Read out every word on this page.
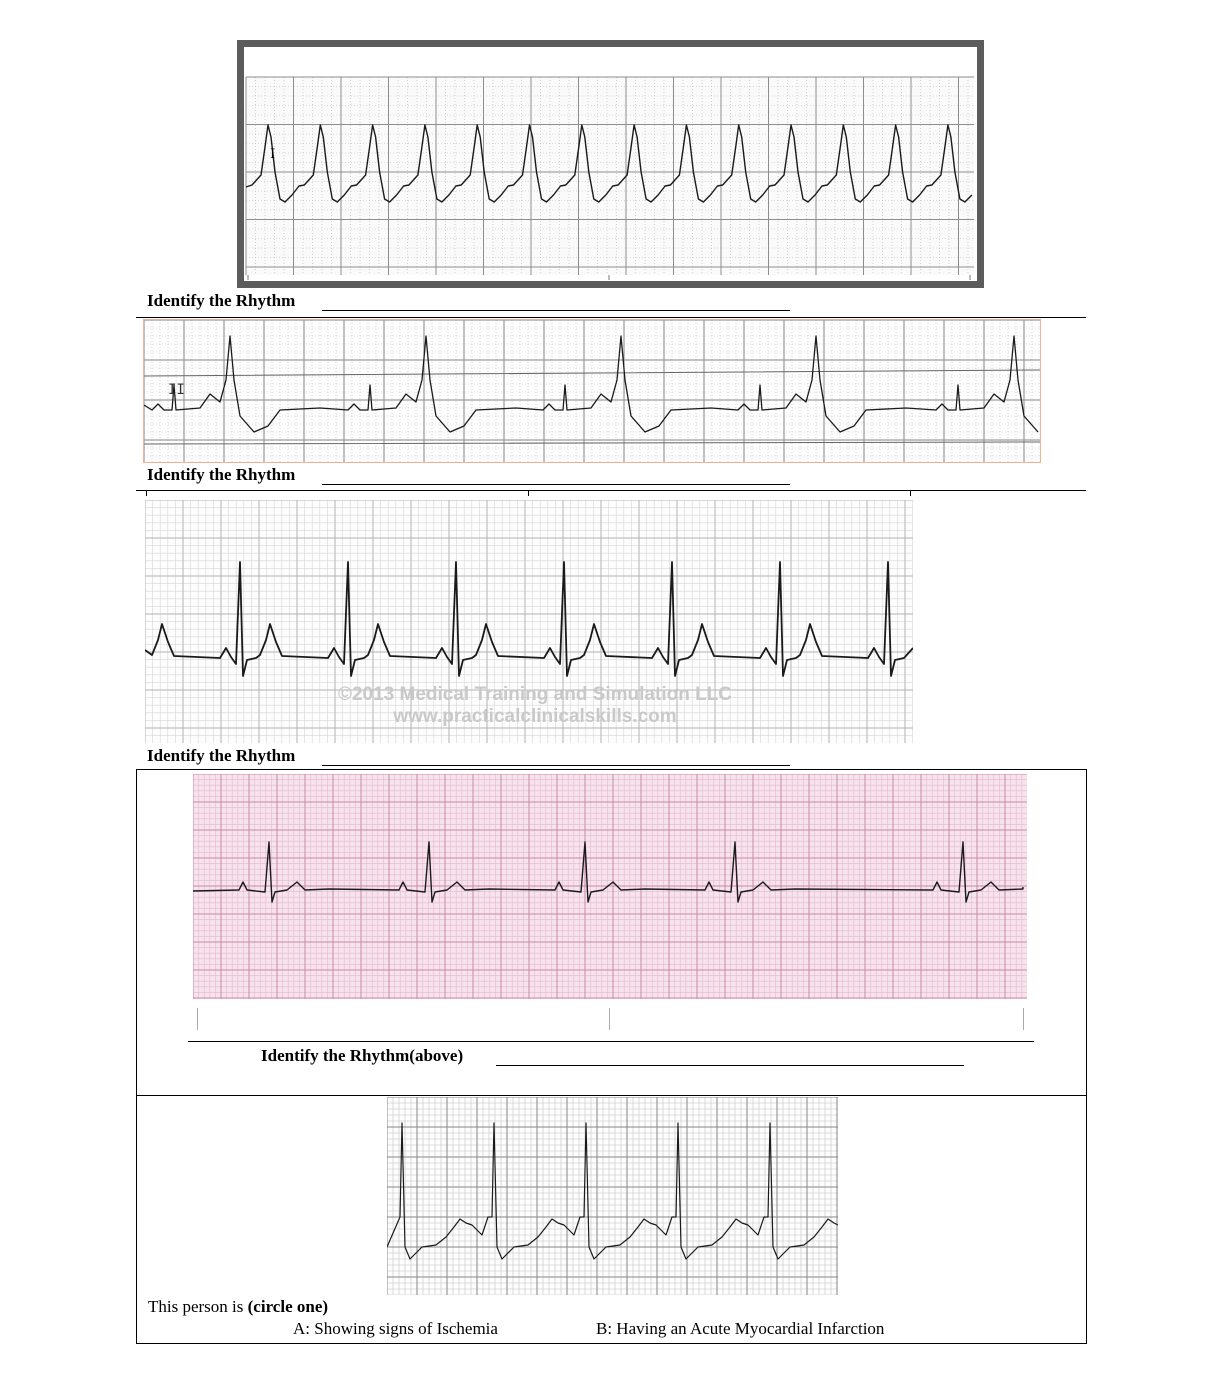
I
Identify the Rhythm
II
Identify the Rhythm
©2013 Medical Training and Simulation LLC
www.practicalclinicalskills.com
Identify the Rhythm
Identify the Rhythm(above)
This person is (circle one)
A: Showing signs of Ischemia	B: Having an Acute Myocardial Infarction
